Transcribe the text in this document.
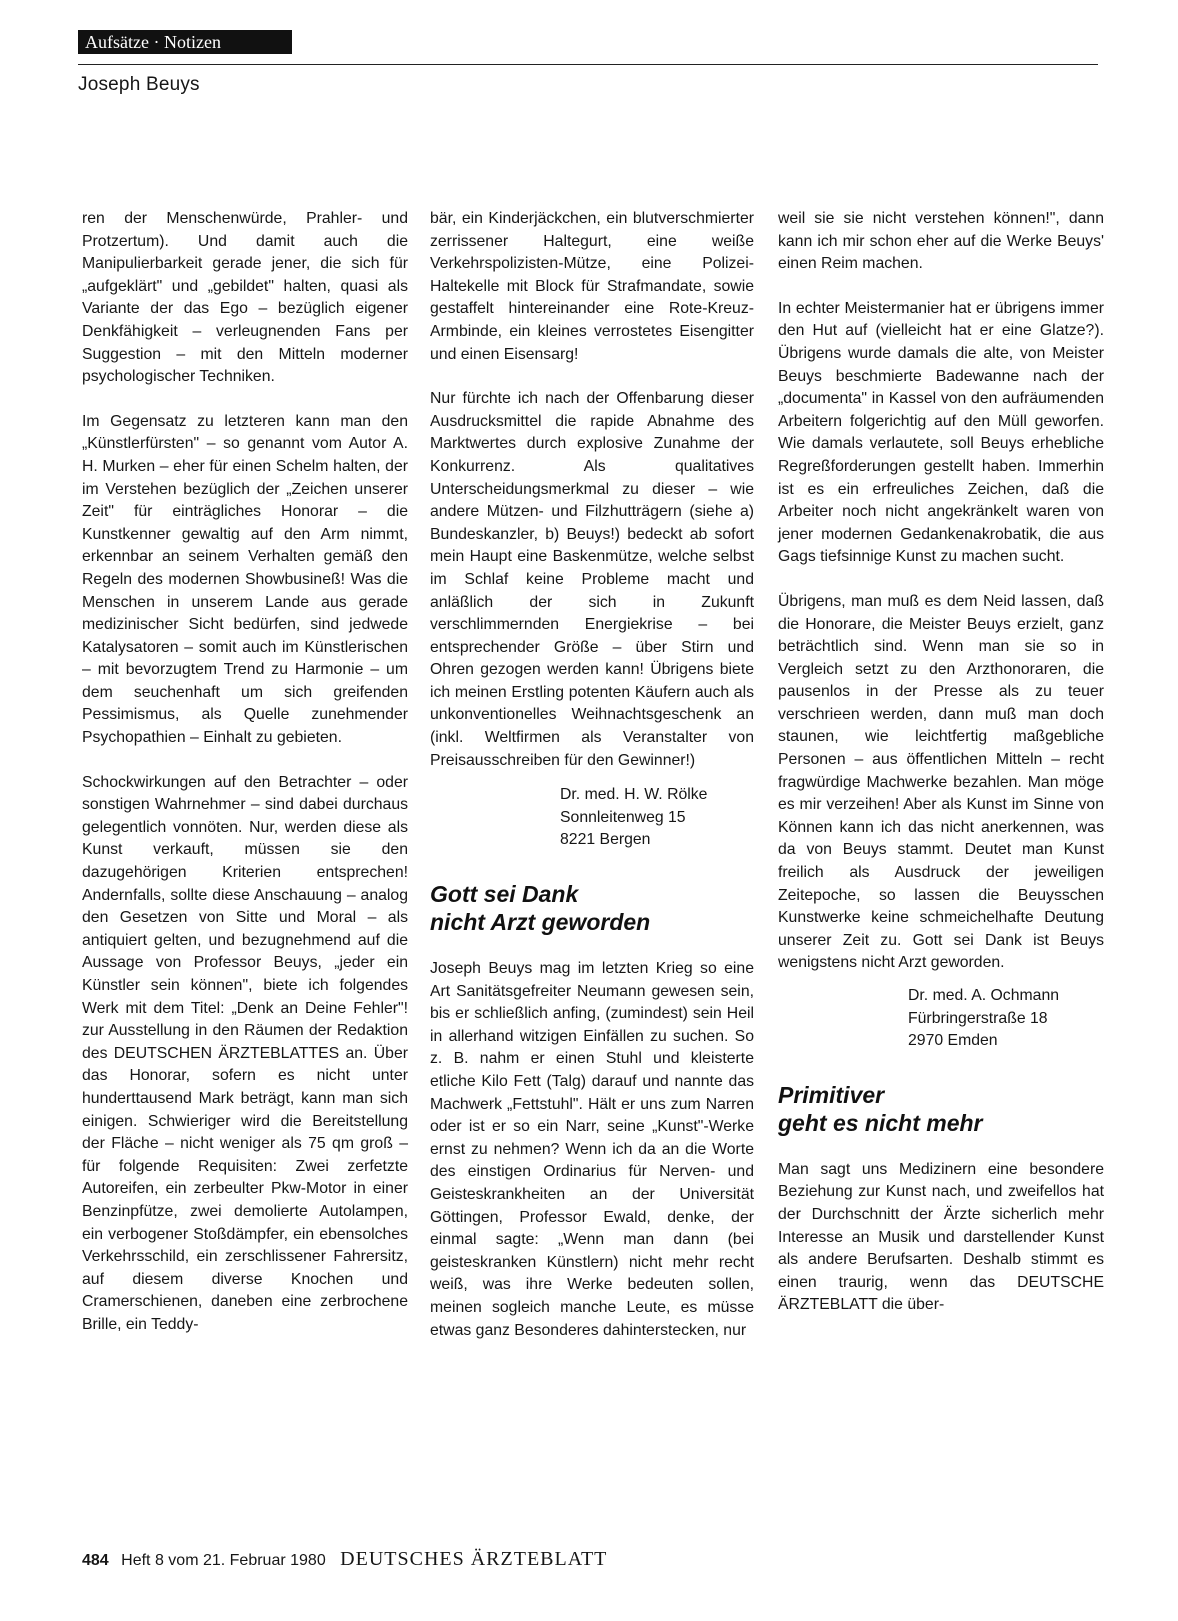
Aufsätze · Notizen
Joseph Beuys

ren der Menschenwürde, Prahler- und Protzertum). Und damit auch die Manipulierbarkeit gerade jener, die sich für „aufgeklärt" und „gebildet" halten, quasi als Variante der das Ego – bezüglich eigener Denkfähigkeit – verleugnenden Fans per Suggestion – mit den Mitteln moderner psychologischer Techniken.

Im Gegensatz zu letzteren kann man den „Künstlerfürsten" – so genannt vom Autor A. H. Murken – eher für einen Schelm halten, der im Verstehen bezüglich der „Zeichen unserer Zeit" für einträgliches Honorar – die Kunstkenner gewaltig auf den Arm nimmt, erkennbar an seinem Verhalten gemäß den Regeln des modernen Showbusineß! Was die Menschen in unserem Lande aus gerade medizinischer Sicht bedürfen, sind jedwede Katalysatoren – somit auch im Künstlerischen – mit bevorzugtem Trend zu Harmonie – um dem seuchenhaft um sich greifenden Pessimismus, als Quelle zunehmender Psychopathien – Einhalt zu gebieten.

Schockwirkungen auf den Betrachter – oder sonstigen Wahrnehmer – sind dabei durchaus gelegentlich vonnöten. Nur, werden diese als Kunst verkauft, müssen sie den dazugehörigen Kriterien entsprechen! Andernfalls, sollte diese Anschauung – analog den Gesetzen von Sitte und Moral – als antiquiert gelten, und bezugnehmend auf die Aussage von Professor Beuys, „jeder ein Künstler sein können", biete ich folgendes Werk mit dem Titel: „Denk an Deine Fehler"! zur Ausstellung in den Räumen der Redaktion des DEUTSCHEN ÄRZTEBLATTES an. Über das Honorar, sofern es nicht unter hunderttausend Mark beträgt, kann man sich einigen. Schwieriger wird die Bereitstellung der Fläche – nicht weniger als 75 qm groß – für folgende Requisiten: Zwei zerfetzte Autoreifen, ein zerbeulter Pkw-Motor in einer Benzinpfütze, zwei demolierte Autolampen, ein verbogener Stoßdämpfer, ein ebensolches Verkehrsschild, ein zerschlissener Fahrersitz, auf diesem diverse Knochen und Cramerschienen, daneben eine zerbrochene Brille, ein Teddy-

bär, ein Kinderjäckchen, ein blutverschmierter zerrissener Haltegurt, eine weiße Verkehrspolizisten-Mütze, eine Polizei-Haltekelle mit Block für Strafmandate, sowie gestaffelt hintereinander eine Rote-Kreuz-Armbinde, ein kleines verrostetes Eisengitter und einen Eisensarg!

Nur fürchte ich nach der Offenbarung dieser Ausdrucksmittel die rapide Abnahme des Marktwertes durch explosive Zunahme der Konkurrenz. Als qualitatives Unterscheidungsmerkmal zu dieser – wie andere Mützen- und Filzhutträgern (siehe a) Bundeskanzler, b) Beuys!) bedeckt ab sofort mein Haupt eine Baskenmütze, welche selbst im Schlaf keine Probleme macht und anläßlich der sich in Zukunft verschlimmernden Energiekrise – bei entsprechender Größe – über Stirn und Ohren gezogen werden kann! Übrigens biete ich meinen Erstling potenten Käufern auch als unkonventionelles Weihnachtsgeschenk an (inkl. Weltfirmen als Veranstalter von Preisausschreiben für den Gewinner!)

Dr. med. H. W. Rölke
Sonnleitenweg 15
8221 Bergen
Gott sei Dank
nicht Arzt geworden

Joseph Beuys mag im letzten Krieg so eine Art Sanitätsgefreiter Neumann gewesen sein, bis er schließlich anfing, (zumindest) sein Heil in allerhand witzigen Einfällen zu suchen. So z. B. nahm er einen Stuhl und kleisterte etliche Kilo Fett (Talg) darauf und nannte das Machwerk „Fettstuhl". Hält er uns zum Narren oder ist er so ein Narr, seine „Kunst"-Werke ernst zu nehmen? Wenn ich da an die Worte des einstigen Ordinarius für Nerven- und Geisteskrankheiten an der Universität Göttingen, Professor Ewald, denke, der einmal sagte: „Wenn man dann (bei geisteskranken Künstlern) nicht mehr recht weiß, was ihre Werke bedeuten sollen, meinen sogleich manche Leute, es müsse etwas ganz Besonderes dahinterstecken, nur

weil sie sie nicht verstehen können!", dann kann ich mir schon eher auf die Werke Beuys' einen Reim machen.

In echter Meistermanier hat er übrigens immer den Hut auf (vielleicht hat er eine Glatze?). Übrigens wurde damals die alte, von Meister Beuys beschmierte Badewanne nach der „documenta" in Kassel von den aufräumenden Arbeitern folgerichtig auf den Müll geworfen. Wie damals verlautete, soll Beuys erhebliche Regreßforderungen gestellt haben. Immerhin ist es ein erfreuliches Zeichen, daß die Arbeiter noch nicht angekränkelt waren von jener modernen Gedankenakrobatik, die aus Gags tiefsinnige Kunst zu machen sucht.

Übrigens, man muß es dem Neid lassen, daß die Honorare, die Meister Beuys erzielt, ganz beträchtlich sind. Wenn man sie so in Vergleich setzt zu den Arzthonoraren, die pausenlos in der Presse als zu teuer verschrieen werden, dann muß man doch staunen, wie leichtfertig maßgebliche Personen – aus öffentlichen Mitteln – recht fragwürdige Machwerke bezahlen. Man möge es mir verzeihen! Aber als Kunst im Sinne von Können kann ich das nicht anerkennen, was da von Beuys stammt. Deutet man Kunst freilich als Ausdruck der jeweiligen Zeitepoche, so lassen die Beuysschen Kunstwerke keine schmeichelhafte Deutung unserer Zeit zu. Gott sei Dank ist Beuys wenigstens nicht Arzt geworden.

Dr. med. A. Ochmann
Fürbringerstraße 18
2970 Emden
Primitiver
geht es nicht mehr

Man sagt uns Medizinern eine besondere Beziehung zur Kunst nach, und zweifellos hat der Durchschnitt der Ärzte sicherlich mehr Interesse an Musik und darstellender Kunst als andere Berufsarten. Deshalb stimmt es einen traurig, wenn das DEUTSCHE ÄRZTEBLATT die über-

484 Heft 8 vom 21. Februar 1980 DEUTSCHES ÄRZTEBLATT
